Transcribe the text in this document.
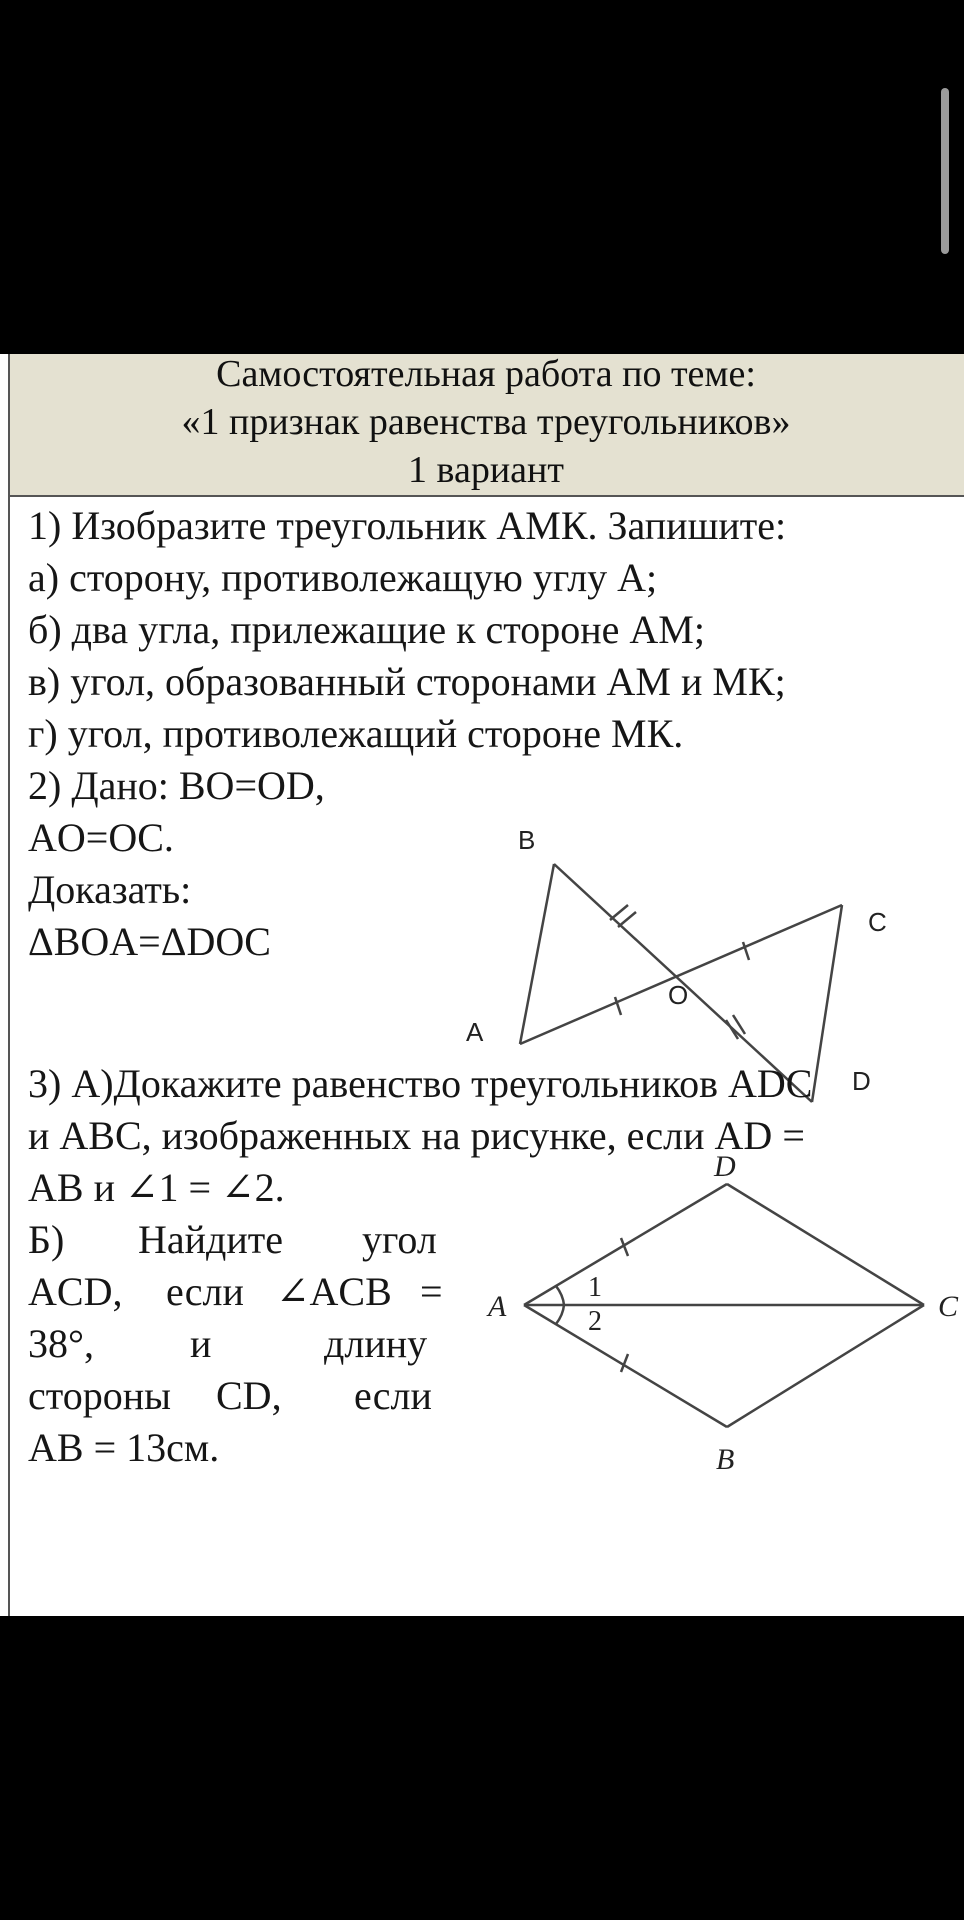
Самостоятельная работа по теме:
«1 признак равенства треугольников»
1 вариант
1) Изобразите треугольник АМК. Запишите:
а) сторону, противолежащую углу А;
б) два угла, прилежащие к стороне АМ;
в) угол, образованный сторонами АМ и МК;
г) угол, противолежащий стороне МК.
2) Дано: BO=OD,
AO=OC.
Доказать:
ΔBOA=ΔDOC
B
C
O
A
D
3) А)Докажите равенство треугольников ADC
и ABC, изображенных на рисунке, если AD =
AB и ∠1 = ∠2.
Б) Найдите угол
ACD, если ∠ACB =
38°, и	длину
стороны CD, если
AB = 13см.
D
A	C
B
1
2
